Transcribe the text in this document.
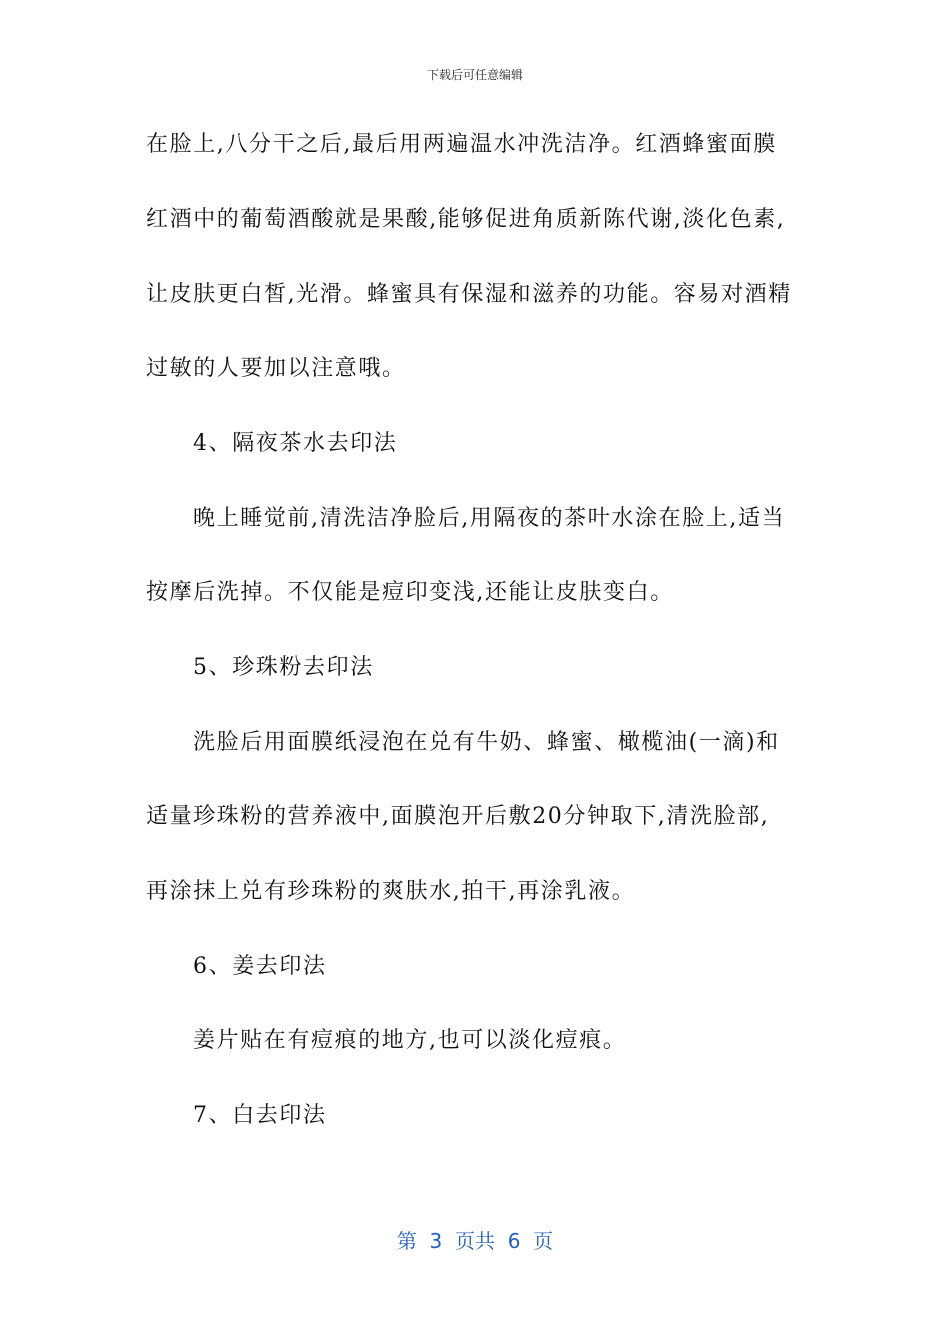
下载后可任意编辑
在脸上,八分干之后,最后用两遍温水冲洗洁净。红酒蜂蜜面膜
红酒中的葡萄酒酸就是果酸,能够促进角质新陈代谢,淡化色素,
让皮肤更白皙,光滑。蜂蜜具有保湿和滋养的功能。容易对酒精
过敏的人要加以注意哦。
4、隔夜茶水去印法
晚上睡觉前,清洗洁净脸后,用隔夜的茶叶水涂在脸上,适当
按摩后洗掉。不仅能是痘印变浅,还能让皮肤变白。
5、珍珠粉去印法
洗脸后用面膜纸浸泡在兑有牛奶、蜂蜜、橄榄油(一滴)和
适量珍珠粉的营养液中,面膜泡开后敷20分钟取下,清洗脸部,
再涂抹上兑有珍珠粉的爽肤水,拍干,再涂乳液。
6、姜去印法
姜片贴在有痘痕的地方,也可以淡化痘痕。
7、白去印法
第  3  页共  6  页
